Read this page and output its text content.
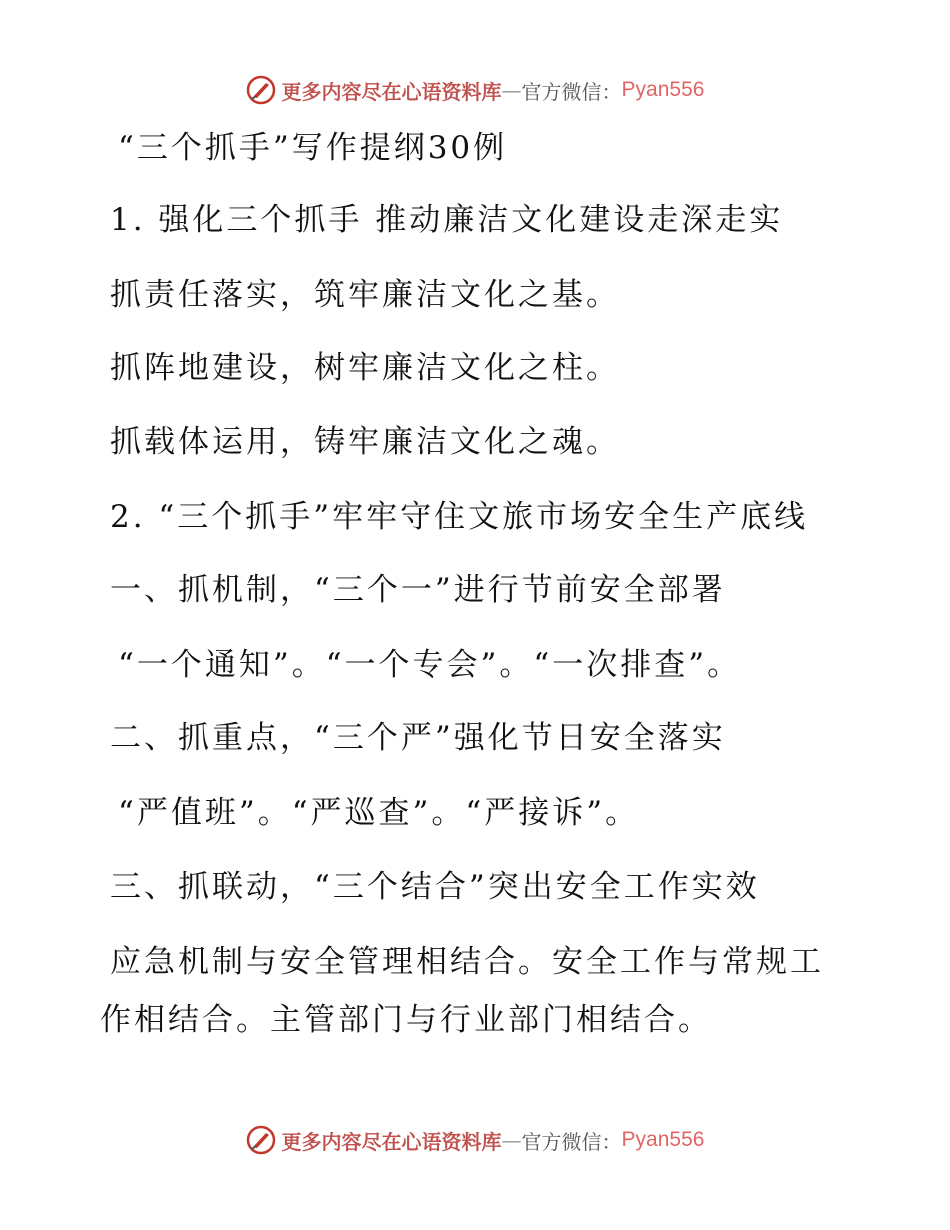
更多内容尽在心语资料库 — 官方微信： Pyan556
“三个抓手”写作提纲30例
1. 强化三个抓手 推动廉洁文化建设走深走实
抓责任落实，筑牢廉洁文化之基。
抓阵地建设，树牢廉洁文化之柱。
抓载体运用，铸牢廉洁文化之魂。
2. “三个抓手”牢牢守住文旅市场安全生产底线
一、抓机制，“三个一”进行节前安全部署
“一个通知”。“一个专会”。“一次排查”。
二、抓重点，“三个严”强化节日安全落实
“严值班”。“严巡查”。“严接诉”。
三、抓联动，“三个结合”突出安全工作实效
应急机制与安全管理相结合。安全工作与常规工
作相结合。主管部门与行业部门相结合。
更多内容尽在心语资料库 — 官方微信： Pyan556
